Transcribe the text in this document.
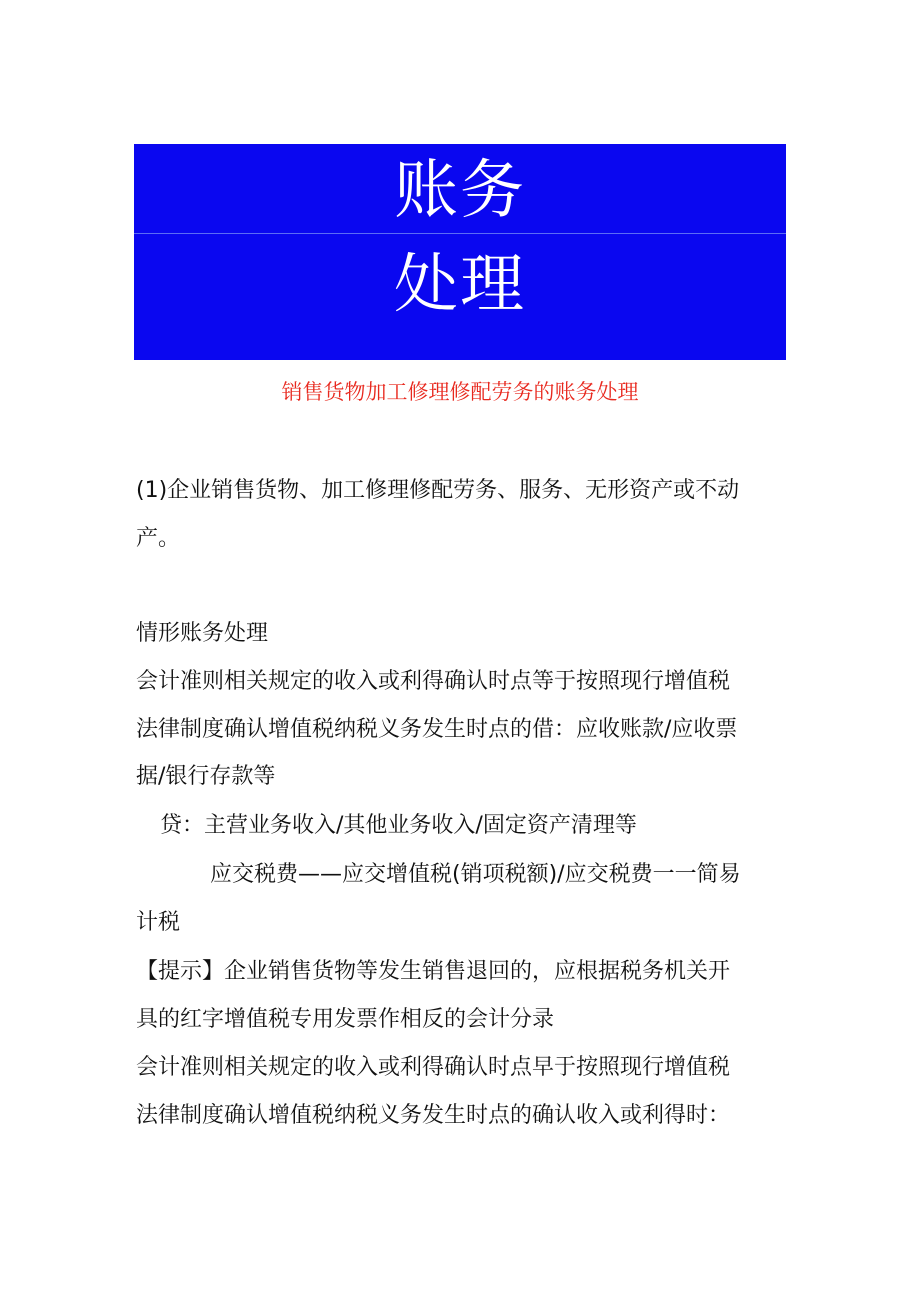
账务
处理
销售货物加工修理修配劳务的账务处理
(1)企业销售货物、加工修理修配劳务、服务、无形资产或不动
产。
情形账务处理
会计准则相关规定的收入或利得确认时点等于按照现行增值税
法律制度确认增值税纳税义务发生时点的借：应收账款/应收票
据/银行存款等
贷：主营业务收入/其他业务收入/固定资产清理等
应交税费——应交增值税(销项税额)/应交税费一一简易
计税
【提示】企业销售货物等发生销售退回的，应根据税务机关开
具的红字增值税专用发票作相反的会计分录
会计准则相关规定的收入或利得确认时点早于按照现行增值税
法律制度确认增值税纳税义务发生时点的确认收入或利得时：
